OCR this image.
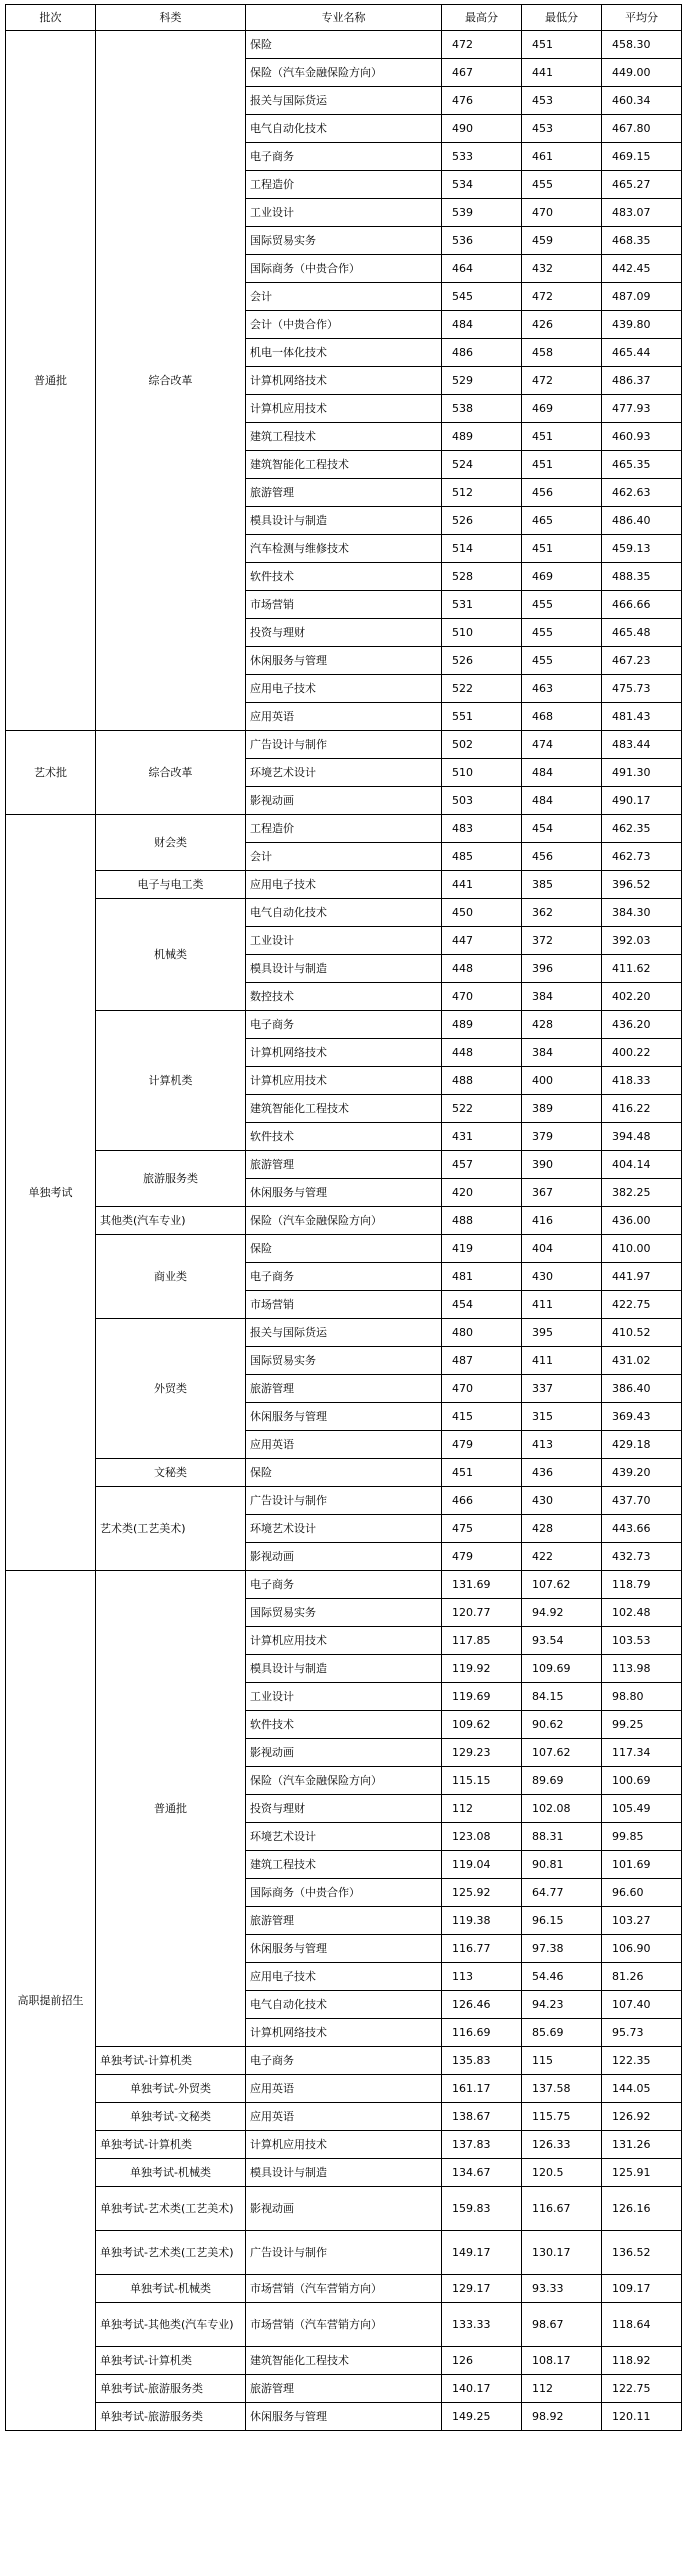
批次	科类	专业名称	最高分	最低分	平均分
普通批	综合改革	保险	472	451	458.30
		保险（汽车金融保险方向）	467	441	449.00
		报关与国际货运	476	453	460.34
		电气自动化技术	490	453	467.80
		电子商务	533	461	469.15
		工程造价	534	455	465.27
		工业设计	539	470	483.07
		国际贸易实务	536	459	468.35
		国际商务（中贵合作）	464	432	442.45
		会计	545	472	487.09
		会计（中贵合作）	484	426	439.80
		机电一体化技术	486	458	465.44
		计算机网络技术	529	472	486.37
		计算机应用技术	538	469	477.93
		建筑工程技术	489	451	460.93
		建筑智能化工程技术	524	451	465.35
		旅游管理	512	456	462.63
		模具设计与制造	526	465	486.40
		汽车检测与维修技术	514	451	459.13
		软件技术	528	469	488.35
		市场营销	531	455	466.66
		投资与理财	510	455	465.48
		休闲服务与管理	526	455	467.23
		应用电子技术	522	463	475.73
		应用英语	551	468	481.43
艺术批	综合改革	广告设计与制作	502	474	483.44
		环境艺术设计	510	484	491.30
		影视动画	503	484	490.17
单独考试	财会类	工程造价	483	454	462.35
		会计	485	456	462.73
	电子与电工类	应用电子技术	441	385	396.52
	机械类	电气自动化技术	450	362	384.30
		工业设计	447	372	392.03
		模具设计与制造	448	396	411.62
		数控技术	470	384	402.20
	计算机类	电子商务	489	428	436.20
		计算机网络技术	448	384	400.22
		计算机应用技术	488	400	418.33
		建筑智能化工程技术	522	389	416.22
		软件技术	431	379	394.48
	旅游服务类	旅游管理	457	390	404.14
		休闲服务与管理	420	367	382.25
	其他类(汽车专业)	保险（汽车金融保险方向）	488	416	436.00
	商业类	保险	419	404	410.00
		电子商务	481	430	441.97
		市场营销	454	411	422.75
	外贸类	报关与国际货运	480	395	410.52
		国际贸易实务	487	411	431.02
		旅游管理	470	337	386.40
		休闲服务与管理	415	315	369.43
		应用英语	479	413	429.18
	文秘类	保险	451	436	439.20
	艺术类(工艺美术)	广告设计与制作	466	430	437.70
		环境艺术设计	475	428	443.66
		影视动画	479	422	432.73
高职提前招生	普通批	电子商务	131.69	107.62	118.79
		国际贸易实务	120.77	94.92	102.48
		计算机应用技术	117.85	93.54	103.53
		模具设计与制造	119.92	109.69	113.98
		工业设计	119.69	84.15	98.80
		软件技术	109.62	90.62	99.25
		影视动画	129.23	107.62	117.34
		保险（汽车金融保险方向）	115.15	89.69	100.69
		投资与理财	112	102.08	105.49
		环境艺术设计	123.08	88.31	99.85
		建筑工程技术	119.04	90.81	101.69
		国际商务（中贵合作）	125.92	64.77	96.60
		旅游管理	119.38	96.15	103.27
		休闲服务与管理	116.77	97.38	106.90
		应用电子技术	113	54.46	81.26
		电气自动化技术	126.46	94.23	107.40
		计算机网络技术	116.69	85.69	95.73
	单独考试-计算机类	电子商务	135.83	115	122.35
	单独考试-外贸类	应用英语	161.17	137.58	144.05
	单独考试-文秘类	应用英语	138.67	115.75	126.92
	单独考试-计算机类	计算机应用技术	137.83	126.33	131.26
	单独考试-机械类	模具设计与制造	134.67	120.5	125.91
	单独考试-艺术类(工艺美术)	影视动画	159.83	116.67	126.16
	单独考试-艺术类(工艺美术)	广告设计与制作	149.17	130.17	136.52
	单独考试-机械类	市场营销（汽车营销方向）	129.17	93.33	109.17
	单独考试-其他类(汽车专业)	市场营销（汽车营销方向）	133.33	98.67	118.64
	单独考试-计算机类	建筑智能化工程技术	126	108.17	118.92
	单独考试-旅游服务类	旅游管理	140.17	112	122.75
	单独考试-旅游服务类	休闲服务与管理	149.25	98.92	120.11
